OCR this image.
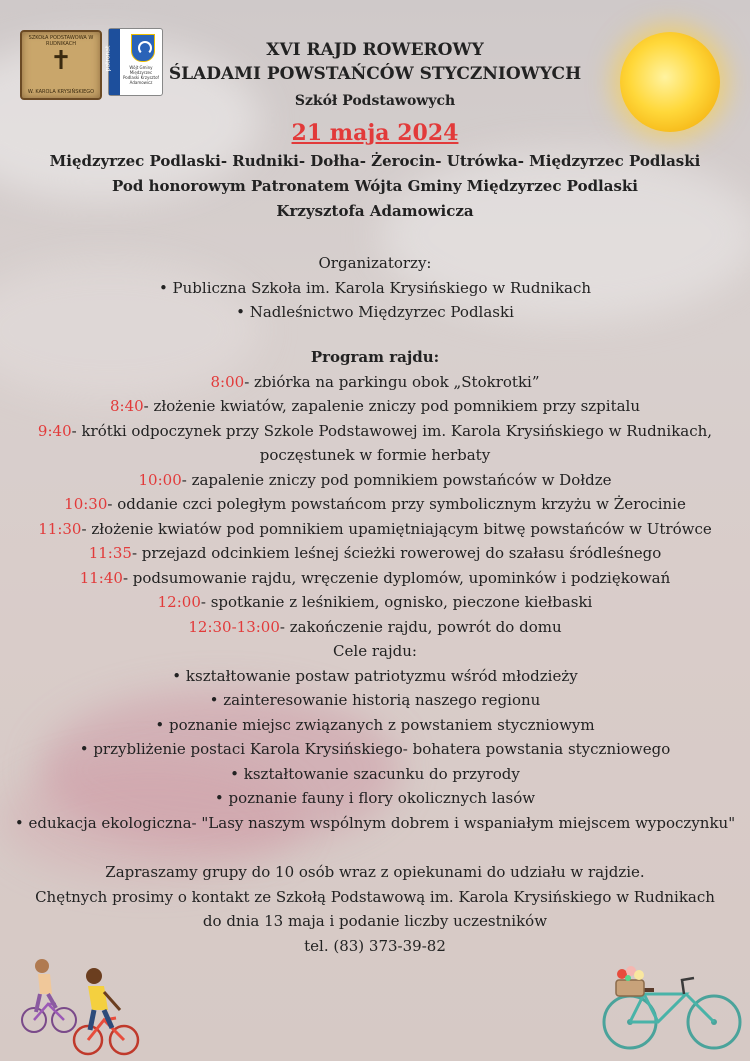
SZKOŁA PODSTAWOWA W RUDNIKACH
✝
W. KAROLA KRYSIŃSKIEGO
patronat	Wójt Gminy Międzyrzec Podlaski Krzysztof Adamowicz
XVI RAJD ROWEROWY
ŚLADAMI POWSTAŃCÓW STYCZNIOWYCH
Szkół Podstawowych
21 maja 2024
Międzyrzec Podlaski- Rudniki- Dołha- Żerocin- Utrówka- Międzyrzec Podlaski
Pod honorowym Patronatem Wójta Gminy Międzyrzec Podlaski
Krzysztofa Adamowicza
Organizatorzy:
• Publiczna Szkoła im. Karola Krysińskiego w Rudnikach
• Nadleśnictwo Międzyrzec Podlaski
Program rajdu:
8:00- zbiórka na parkingu obok „Stokrotki”
8:40- złożenie kwiatów, zapalenie zniczy pod pomnikiem przy szpitalu
9:40- krótki odpoczynek przy Szkole Podstawowej im. Karola Krysińskiego w Rudnikach,
poczęstunek w formie herbaty
10:00- zapalenie zniczy pod pomnikiem powstańców w Dołdze
10:30- oddanie czci poległym powstańcom przy symbolicznym krzyżu w Żerocinie
11:30- złożenie kwiatów pod pomnikiem upamiętniającym bitwę powstańców w Utrówce
11:35- przejazd odcinkiem leśnej ścieżki rowerowej do szałasu śródleśnego
11:40- podsumowanie rajdu, wręczenie dyplomów, upominków i podziękowań
12:00- spotkanie z leśnikiem, ognisko, pieczone kiełbaski
12:30-13:00- zakończenie rajdu, powrót do domu
Cele rajdu:
• kształtowanie postaw patriotyzmu wśród młodzieży
• zainteresowanie historią naszego regionu
• poznanie miejsc związanych z powstaniem styczniowym
• przybliżenie postaci Karola Krysińskiego- bohatera powstania styczniowego
• kształtowanie szacunku do przyrody
• poznanie fauny i flory okolicznych lasów
• edukacja ekologiczna- "Lasy naszym wspólnym dobrem i wspaniałym miejscem wypoczynku"
Zapraszamy grupy do 10 osób wraz z opiekunami do udziału w rajdzie.
Chętnych prosimy o kontakt ze Szkołą Podstawową im. Karola Krysińskiego w Rudnikach
do dnia 13 maja i podanie liczby uczestników
tel. (83) 373-39-82
